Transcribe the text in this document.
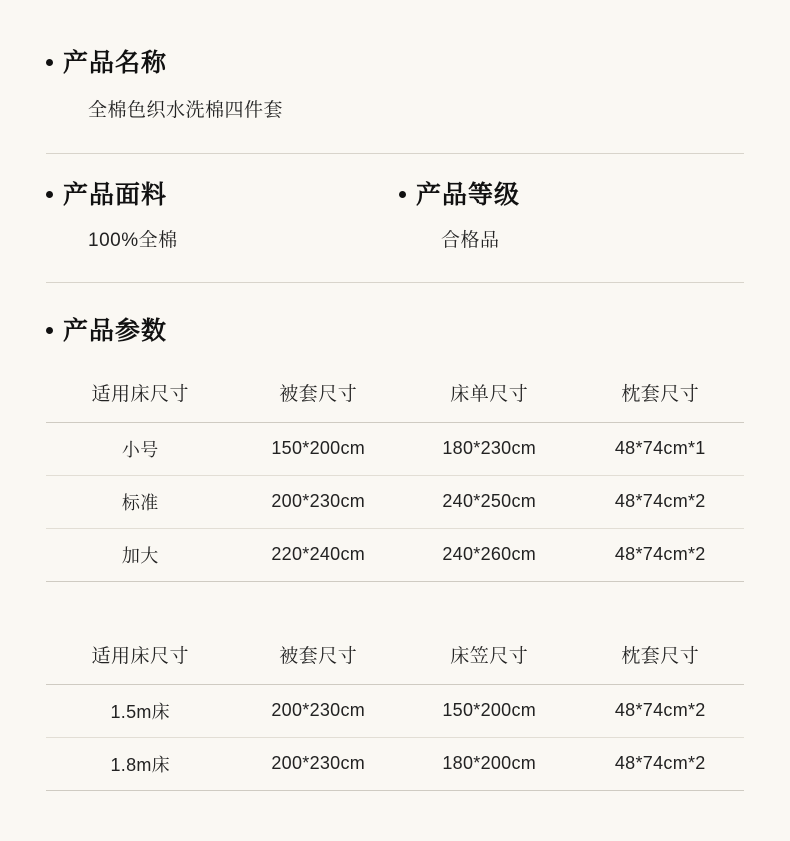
产品名称
全棉色织水洗棉四件套
产品面料
100%全棉
产品等级
合格品
产品参数
适用床尺寸	被套尺寸	床单尺寸	枕套尺寸
小号	150*200cm	180*230cm	48*74cm*1
标准	200*230cm	240*250cm	48*74cm*2
加大	220*240cm	240*260cm	48*74cm*2
适用床尺寸	被套尺寸	床笠尺寸	枕套尺寸
1.5m床	200*230cm	150*200cm	48*74cm*2
1.8m床	200*230cm	180*200cm	48*74cm*2
